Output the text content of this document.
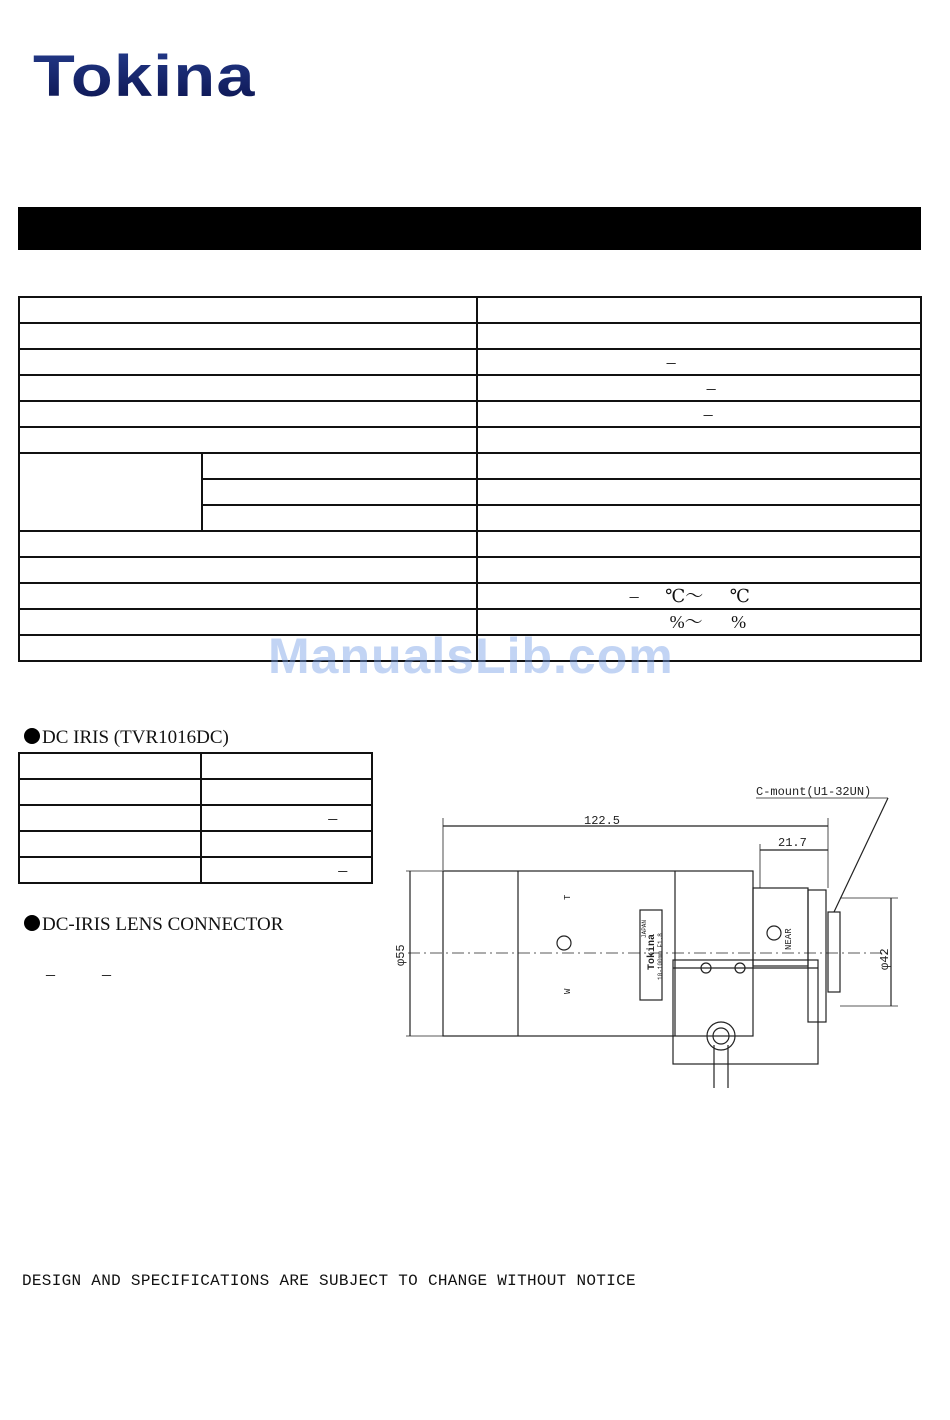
Tokina

		–
		–
		–

		– ℃～ ℃
		%～ %

ManualsLib.com
DC IRIS (TVR1016DC)

	–

	–
DC-IRIS LENS CONNECTOR
–	–
122.5
21.7
C-mount(U1-32UN)
φ55	φ42
Tokina
JAPAN
10-100mm F1.8
W
T
NEAR
DESIGN AND SPECIFICATIONS ARE SUBJECT TO CHANGE WITHOUT NOTICE
